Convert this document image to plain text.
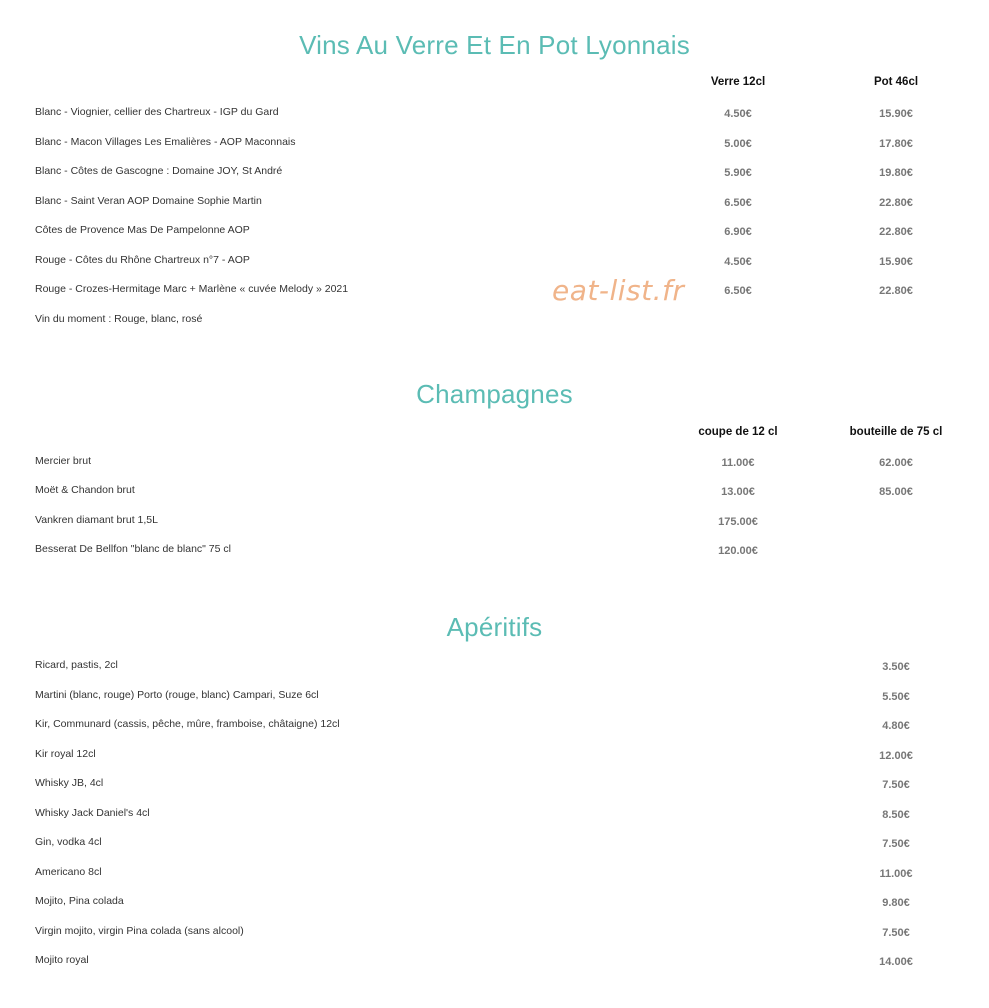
Vins Au Verre Et En Pot Lyonnais
Verre 12cl	Pot 46cl
Blanc - Viognier, cellier des Chartreux - IGP du Gard	4.50€	15.90€
Blanc - Macon Villages Les Emalières - AOP Maconnais	5.00€	17.80€
Blanc - Côtes de Gascogne : Domaine JOY, St André	5.90€	19.80€
Blanc - Saint Veran AOP Domaine Sophie Martin	6.50€	22.80€
Côtes de Provence Mas De Pampelonne AOP	6.90€	22.80€
Rouge - Côtes du Rhône Chartreux n°7 - AOP	4.50€	15.90€
Rouge - Crozes-Hermitage Marc + Marlène « cuvée Melody » 2021	6.50€	22.80€
Vin du moment : Rouge, blanc, rosé
eat-list.fr
Champagnes
coupe de 12 cl	bouteille de 75 cl
Mercier brut	11.00€	62.00€
Moët & Chandon brut	13.00€	85.00€
Vankren diamant brut 1,5L	175.00€
Besserat De Bellfon "blanc de blanc" 75 cl	120.00€
Apéritifs
Ricard, pastis, 2cl	3.50€
Martini (blanc, rouge) Porto (rouge, blanc) Campari, Suze 6cl	5.50€
Kir, Communard (cassis, pêche, mûre, framboise, châtaigne) 12cl	4.80€
Kir royal 12cl	12.00€
Whisky JB, 4cl	7.50€
Whisky Jack Daniel's 4cl	8.50€
Gin, vodka 4cl	7.50€
Americano 8cl	11.00€
Mojito, Pina colada	9.80€
Virgin mojito, virgin Pina colada (sans alcool)	7.50€
Mojito royal	14.00€
